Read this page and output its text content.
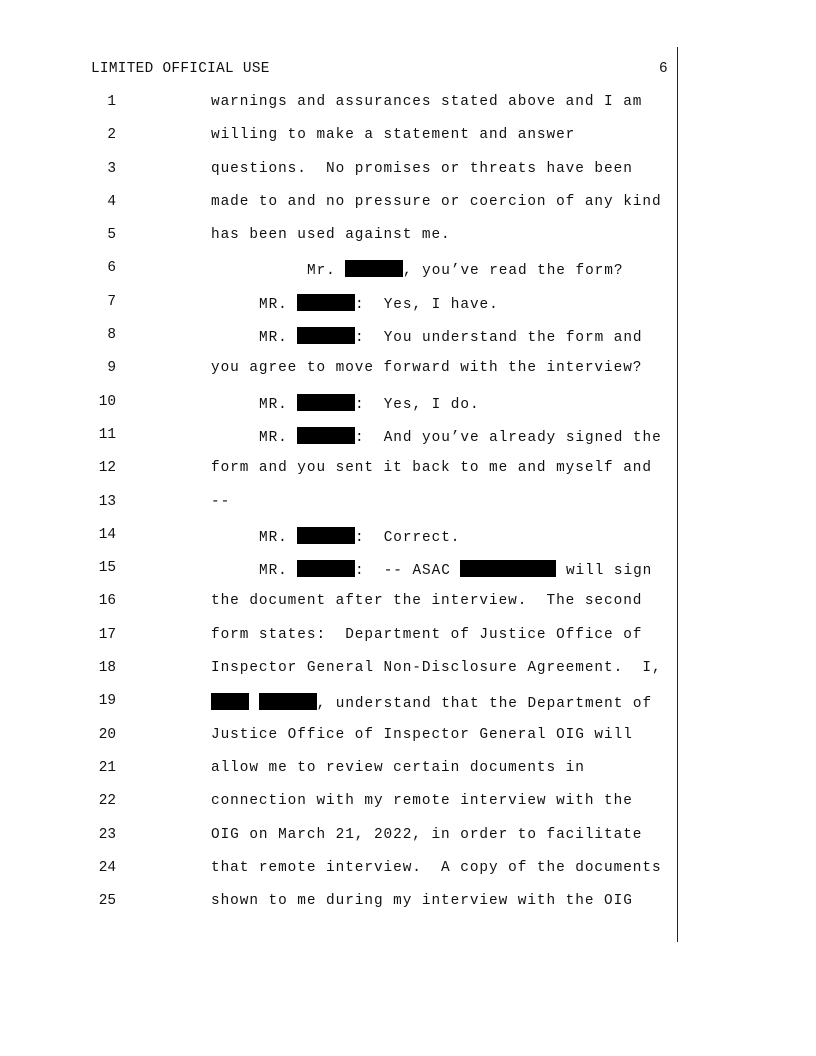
LIMITED OFFICIAL USE	6
1	warnings and assurances stated above and I am
2	willing to make a statement and answer
3	questions.  No promises or threats have been
4	made to and no pressure or coercion of any kind
5	has been used against me.
6	Mr.	, you’ve read the form?
7	MR.	:  Yes, I have.
8	MR.	:  You understand the form and
9	you agree to move forward with the interview?
10	MR.	:  Yes, I do.
11	MR.	:  And you’ve already signed the
12	form and you sent it back to me and myself and
13	--
14	MR.	:  Correct.
15	MR.	:  -- ASAC	will sign
16	the document after the interview.  The second
17	form states:  Department of Justice Office of
18	Inspector General Non-Disclosure Agreement.  I,
19	, understand that the Department of
20	Justice Office of Inspector General OIG will
21	allow me to review certain documents in
22	connection with my remote interview with the
23	OIG on March 21, 2022, in order to facilitate
24	that remote interview.  A copy of the documents
25	shown to me during my interview with the OIG
